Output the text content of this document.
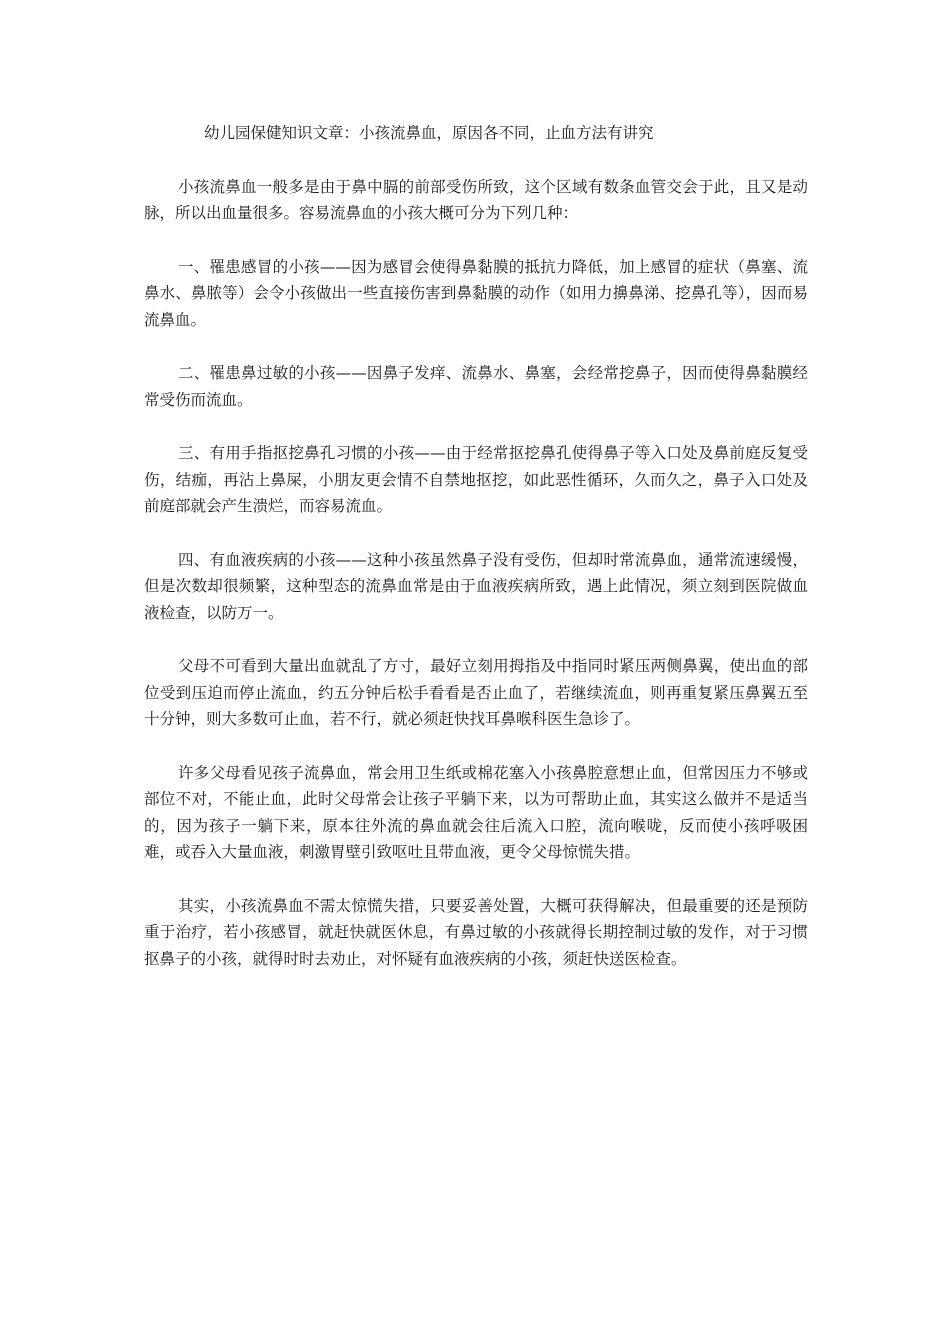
幼儿园保健知识文章：小孩流鼻血，原因各不同，止血方法有讲究

小孩流鼻血一般多是由于鼻中膈的前部受伤所致，这个区域有数条血管交会于此，且又是动脉，所以出血量很多。容易流鼻血的小孩大概可分为下列几种：

一、罹患感冒的小孩——因为感冒会使得鼻黏膜的抵抗力降低，加上感冒的症状（鼻塞、流鼻水、鼻脓等）会令小孩做出一些直接伤害到鼻黏膜的动作（如用力擤鼻涕、挖鼻孔等），因而易流鼻血。

二、罹患鼻过敏的小孩——因鼻子发痒、流鼻水、鼻塞，会经常挖鼻子，因而使得鼻黏膜经常受伤而流血。

三、有用手指抠挖鼻孔习惯的小孩——由于经常抠挖鼻孔使得鼻子等入口处及鼻前庭反复受伤，结痂，再沾上鼻屎，小朋友更会情不自禁地抠挖，如此恶性循环，久而久之，鼻子入口处及前庭部就会产生溃烂，而容易流血。

四、有血液疾病的小孩——这种小孩虽然鼻子没有受伤，但却时常流鼻血，通常流速缓慢，但是次数却很频繁，这种型态的流鼻血常是由于血液疾病所致，遇上此情况，须立刻到医院做血液检查，以防万一。

父母不可看到大量出血就乱了方寸，最好立刻用拇指及中指同时紧压两侧鼻翼，使出血的部位受到压迫而停止流血，约五分钟后松手看看是否止血了，若继续流血，则再重复紧压鼻翼五至十分钟，则大多数可止血，若不行，就必须赶快找耳鼻喉科医生急诊了。

许多父母看见孩子流鼻血，常会用卫生纸或棉花塞入小孩鼻腔意想止血，但常因压力不够或部位不对，不能止血，此时父母常会让孩子平躺下来，以为可帮助止血，其实这么做并不是适当的，因为孩子一躺下来，原本往外流的鼻血就会往后流入口腔，流向喉咙，反而使小孩呼吸困难，或吞入大量血液，刺激胃壁引致呕吐且带血液，更令父母惊慌失措。

其实，小孩流鼻血不需太惊慌失措，只要妥善处置，大概可获得解决，但最重要的还是预防重于治疗，若小孩感冒，就赶快就医休息，有鼻过敏的小孩就得长期控制过敏的发作，对于习惯抠鼻子的小孩，就得时时去劝止，对怀疑有血液疾病的小孩，须赶快送医检查。
